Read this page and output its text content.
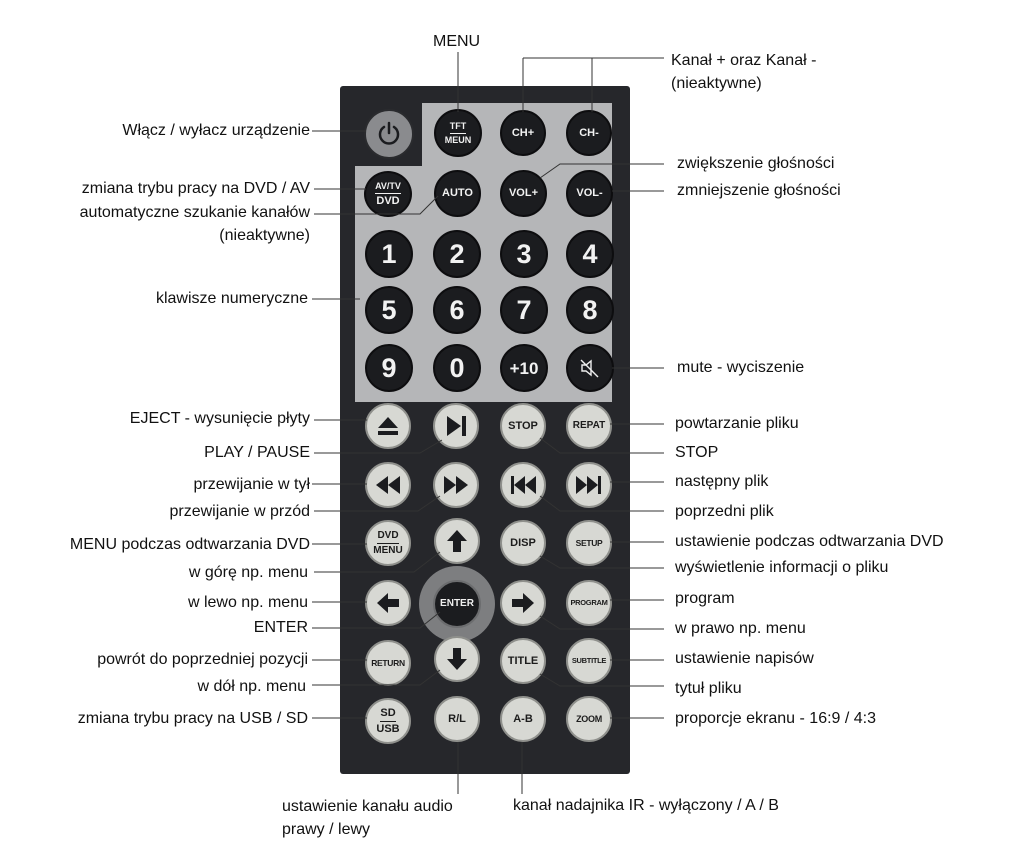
TFT
MEUN
CH+	CH-
AV/TV
DVD
AUTO	VOL+	VOL-
1 2 3 4
5 6 7 8
9 0	+10
STOP	REPAT
DVD
MENU
DISP	SETUP
ENTER	PROGRAM
RETURN	TITLE	SUBTITLE
SD
USB
R/L	A-B	ZOOM
MENU
Kanał + oraz Kanał -
(nieaktywne)
Włącz / wyłacz urządzenie
zmiana trybu pracy na DVD / AV
automatyczne szukanie kanałów
(nieaktywne)
zwiększenie głośności
zmniejszenie głośności
klawisze numeryczne
mute - wyciszenie
EJECT - wysunięcie płyty
PLAY / PAUSE
powtarzanie pliku
STOP
przewijanie w tył
przewijanie w przód
następny plik
poprzedni plik
MENU podczas odtwarzania DVD
w górę np. menu
ustawienie podczas odtwarzania DVD
wyświetlenie informacji o pliku
w lewo np. menu	program
ENTER	w prawo np. menu
powrót do poprzedniej pozycji	ustawienie napisów
w dół np. menu	tytuł pliku
zmiana trybu pracy na USB / SD	proporcje ekranu - 16:9 / 4:3
ustawienie kanału audio
prawy / lewy
kanał nadajnika IR - wyłączony / A / B
